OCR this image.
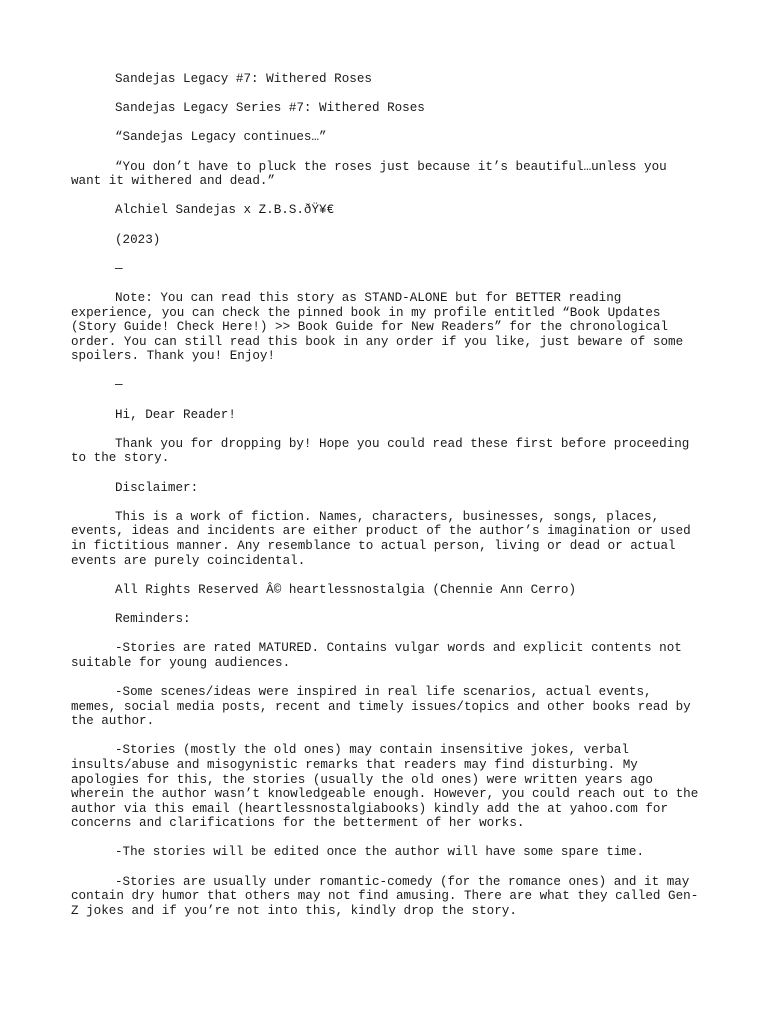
Sandejas Legacy #7: Withered Roses

Sandejas Legacy Series #7: Withered Roses

“Sandejas Legacy continues…”

“You don’t have to pluck the roses just because it’s beautiful…unless you
want it withered and dead.”

Alchiel Sandejas x Z.B.S.ðŸ¥€

(2023)

—

Note: You can read this story as STAND-ALONE but for BETTER reading
experience, you can check the pinned book in my profile entitled “Book Updates
(Story Guide! Check Here!) >> Book Guide for New Readers” for the chronological
order. You can still read this book in any order if you like, just beware of some
spoilers. Thank you! Enjoy!

—

Hi, Dear Reader!

Thank you for dropping by! Hope you could read these first before proceeding
to the story.

Disclaimer:

This is a work of fiction. Names, characters, businesses, songs, places,
events, ideas and incidents are either product of the author’s imagination or used
in fictitious manner. Any resemblance to actual person, living or dead or actual
events are purely coincidental.

All Rights Reserved Â© heartlessnostalgia (Chennie Ann Cerro)

Reminders:

-Stories are rated MATURED. Contains vulgar words and explicit contents not
suitable for young audiences.

-Some scenes/ideas were inspired in real life scenarios, actual events,
memes, social media posts, recent and timely issues/topics and other books read by
the author.

-Stories (mostly the old ones) may contain insensitive jokes, verbal
insults/abuse and misogynistic remarks that readers may find disturbing. My
apologies for this, the stories (usually the old ones) were written years ago
wherein the author wasn’t knowledgeable enough. However, you could reach out to the
author via this email (heartlessnostalgiabooks) kindly add the at yahoo.com for
concerns and clarifications for the betterment of her works.

-The stories will be edited once the author will have some spare time.

-Stories are usually under romantic-comedy (for the romance ones) and it may
contain dry humor that others may not find amusing. There are what they called Gen-
Z jokes and if you’re not into this, kindly drop the story.
